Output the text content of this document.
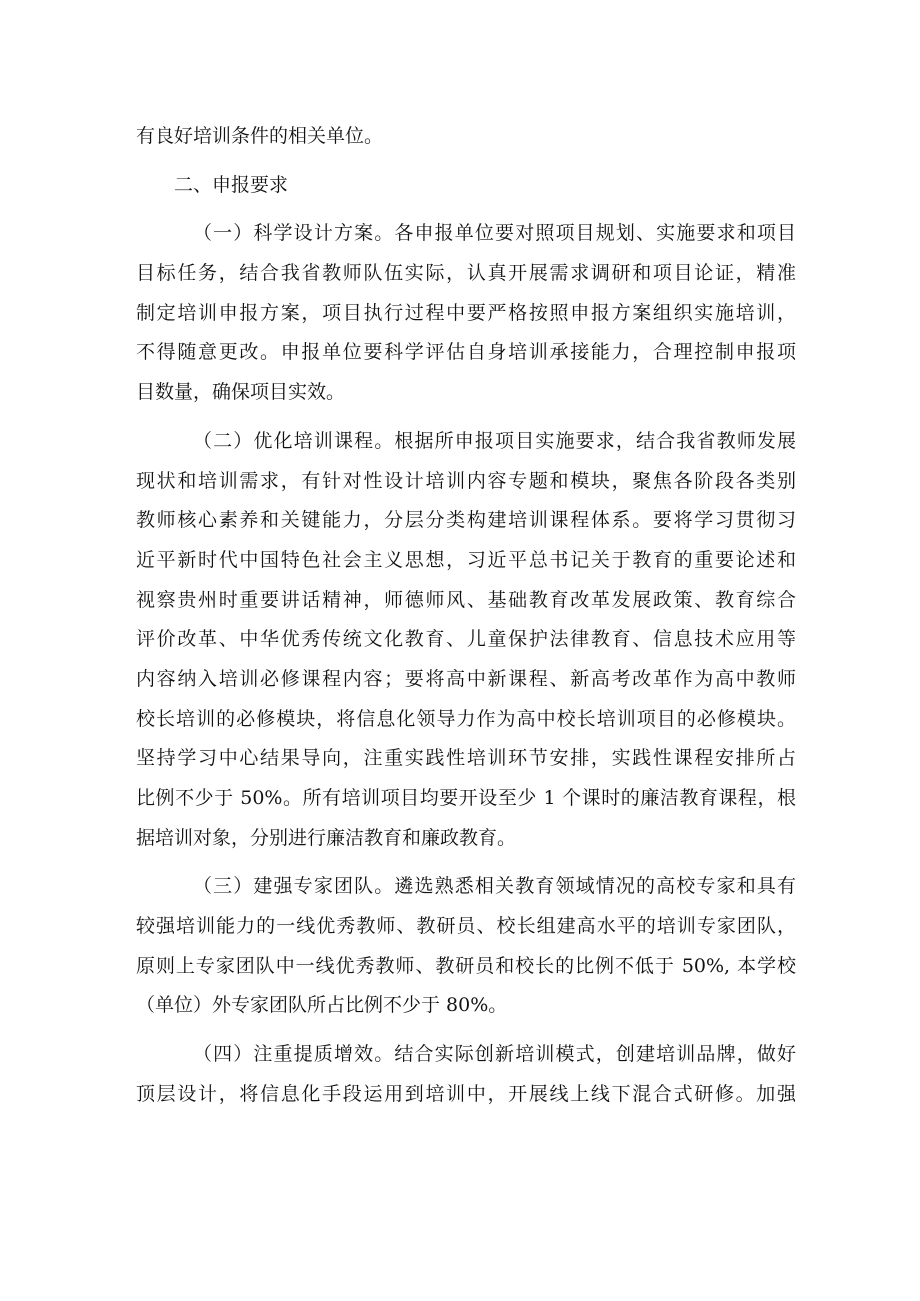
有良好培训条件的相关单位。
二、申报要求
（一）科学设计方案。各申报单位要对照项目规划、实施要求和项目
目标任务，结合我省教师队伍实际，认真开展需求调研和项目论证，精准
制定培训申报方案，项目执行过程中要严格按照申报方案组织实施培训，
不得随意更改。申报单位要科学评估自身培训承接能力，合理控制申报项
目数量，确保项目实效。
（二）优化培训课程。根据所申报项目实施要求，结合我省教师发展
现状和培训需求，有针对性设计培训内容专题和模块，聚焦各阶段各类别
教师核心素养和关键能力，分层分类构建培训课程体系。要将学习贯彻习
近平新时代中国特色社会主义思想，习近平总书记关于教育的重要论述和
视察贵州时重要讲话精神，师德师风、基础教育改革发展政策、教育综合
评价改革、中华优秀传统文化教育、儿童保护法律教育、信息技术应用等
内容纳入培训必修课程内容；要将高中新课程、新高考改革作为高中教师
校长培训的必修模块，将信息化领导力作为高中校长培训项目的必修模块。
坚持学习中心结果导向，注重实践性培训环节安排，实践性课程安排所占
比例不少于 50%。所有培训项目均要开设至少 1 个课时的廉洁教育课程，根
据培训对象，分别进行廉洁教育和廉政教育。
（三）建强专家团队。遴选熟悉相关教育领域情况的高校专家和具有
较强培训能力的一线优秀教师、教研员、校长组建高水平的培训专家团队，
原则上专家团队中一线优秀教师、教研员和校长的比例不低于 50%, 本学校
（单位）外专家团队所占比例不少于 80%。
（四）注重提质增效。结合实际创新培训模式，创建培训品牌，做好
顶层设计，将信息化手段运用到培训中，开展线上线下混合式研修。加强
